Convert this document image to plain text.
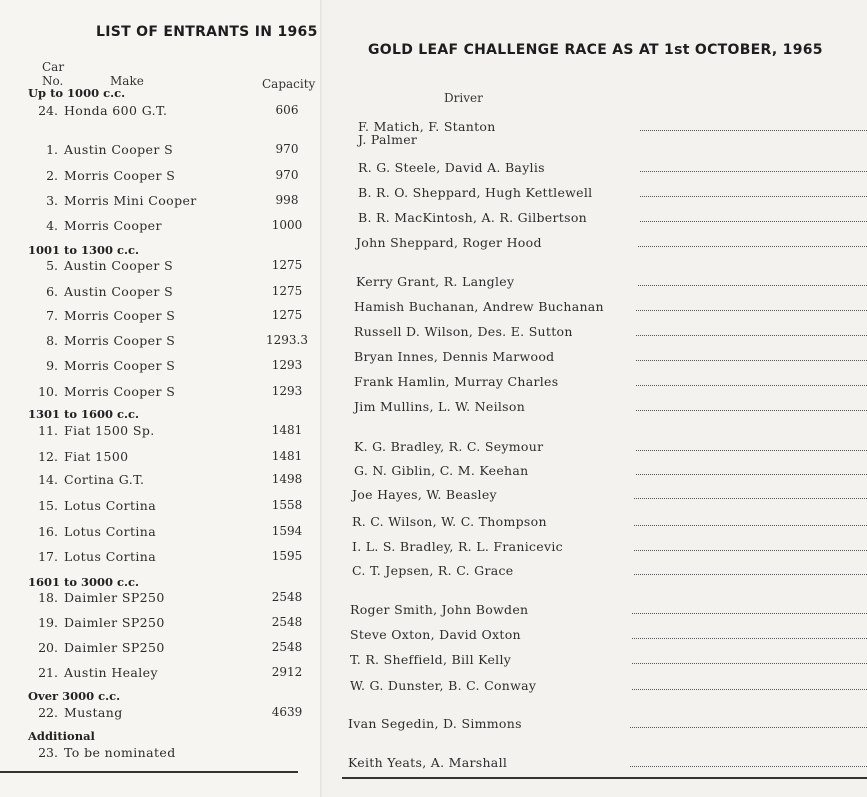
LIST OF ENTRANTS IN 1965
Car
No.	Make	Capacity
Up to 1000 c.c.
24. Honda 600 G.T.	606
1. Austin Cooper S	970
2. Morris Cooper S	970
3. Morris Mini Cooper	998
4. Morris Cooper	1000
1001 to 1300 c.c.
5. Austin Cooper S	1275
6. Austin Cooper S	1275
7. Morris Cooper S	1275
8. Morris Cooper S	1293.3
9. Morris Cooper S	1293
10. Morris Cooper S	1293
1301 to 1600 c.c.
11. Fiat 1500 Sp.	1481
12. Fiat 1500	1481
14. Cortina G.T.	1498
15. Lotus Cortina	1558
16. Lotus Cortina	1594
17. Lotus Cortina	1595
1601 to 3000 c.c.
18. Daimler SP250	2548
19. Daimler SP250	2548
20. Daimler SP250	2548
21. Austin Healey	2912
Over 3000 c.c.
22. Mustang	4639
Additional
23. To be nominated
GOLD LEAF CHALLENGE RACE AS AT 1st OCTOBER, 1965
Driver
F. Matich, F. Stanton
J. Palmer
R. G. Steele, David A. Baylis
B. R. O. Sheppard, Hugh Kettlewell
B. R. MacKintosh, A. R. Gilbertson
John Sheppard, Roger Hood
Kerry Grant, R. Langley
Hamish Buchanan, Andrew Buchanan
Russell D. Wilson, Des. E. Sutton
Bryan Innes, Dennis Marwood
Frank Hamlin, Murray Charles
Jim Mullins, L. W. Neilson
K. G. Bradley, R. C. Seymour
G. N. Giblin, C. M. Keehan
Joe Hayes, W. Beasley
R. C. Wilson, W. C. Thompson
I. L. S. Bradley, R. L. Franicevic
C. T. Jepsen, R. C. Grace
Roger Smith, John Bowden
Steve Oxton, David Oxton
T. R. Sheffield, Bill Kelly
W. G. Dunster, B. C. Conway
Ivan Segedin, D. Simmons
Keith Yeats, A. Marshall
